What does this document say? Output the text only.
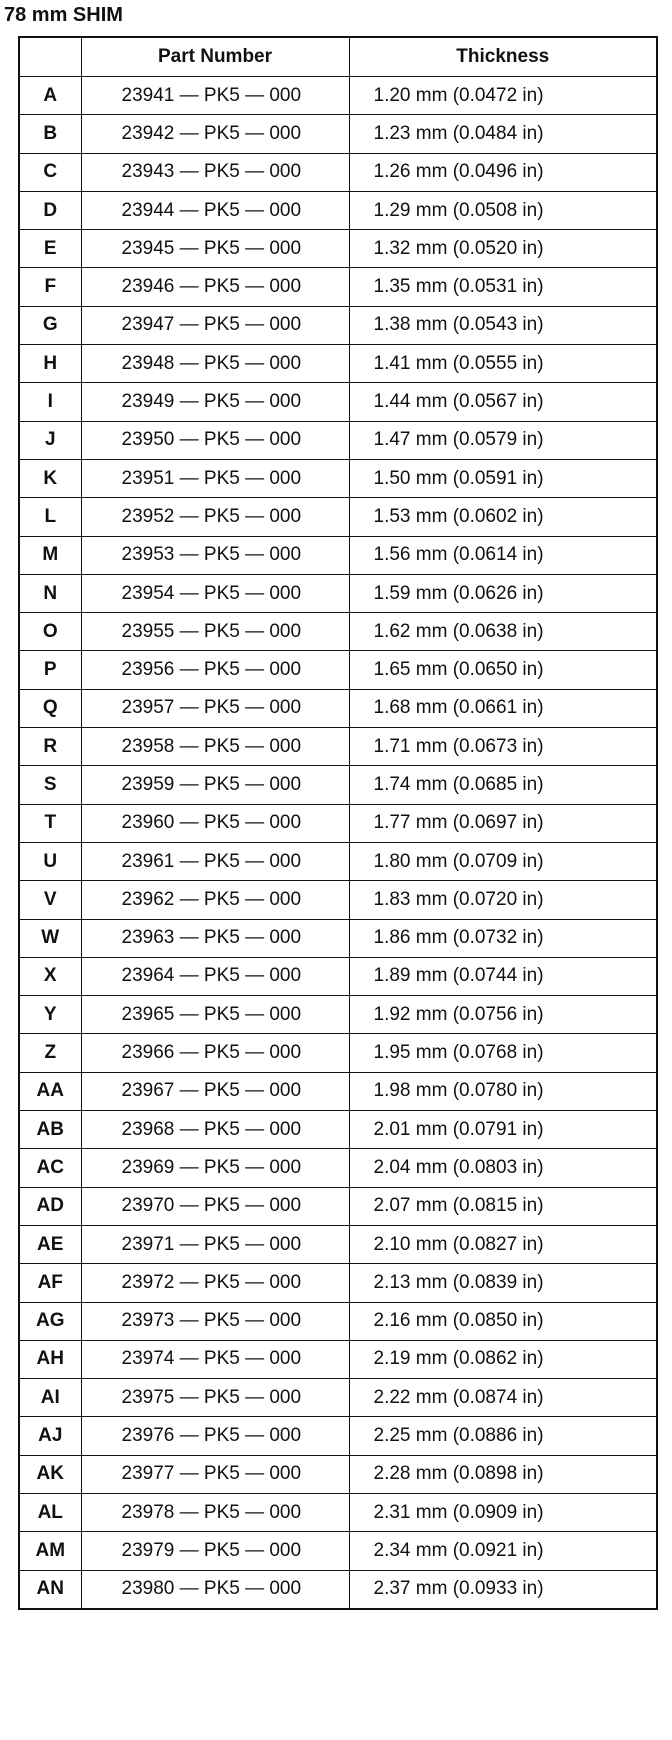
78 mm SHIM
	Part Number	Thickness
A	23941 — PK5 — 000	1.20 mm (0.0472 in)
B	23942 — PK5 — 000	1.23 mm (0.0484 in)
C	23943 — PK5 — 000	1.26 mm (0.0496 in)
D	23944 — PK5 — 000	1.29 mm (0.0508 in)
E	23945 — PK5 — 000	1.32 mm (0.0520 in)
F	23946 — PK5 — 000	1.35 mm (0.0531 in)
G	23947 — PK5 — 000	1.38 mm (0.0543 in)
H	23948 — PK5 — 000	1.41 mm (0.0555 in)
I	23949 — PK5 — 000	1.44 mm (0.0567 in)
J	23950 — PK5 — 000	1.47 mm (0.0579 in)
K	23951 — PK5 — 000	1.50 mm (0.0591 in)
L	23952 — PK5 — 000	1.53 mm (0.0602 in)
M	23953 — PK5 — 000	1.56 mm (0.0614 in)
N	23954 — PK5 — 000	1.59 mm (0.0626 in)
O	23955 — PK5 — 000	1.62 mm (0.0638 in)
P	23956 — PK5 — 000	1.65 mm (0.0650 in)
Q	23957 — PK5 — 000	1.68 mm (0.0661 in)
R	23958 — PK5 — 000	1.71 mm (0.0673 in)
S	23959 — PK5 — 000	1.74 mm (0.0685 in)
T	23960 — PK5 — 000	1.77 mm (0.0697 in)
U	23961 — PK5 — 000	1.80 mm (0.0709 in)
V	23962 — PK5 — 000	1.83 mm (0.0720 in)
W	23963 — PK5 — 000	1.86 mm (0.0732 in)
X	23964 — PK5 — 000	1.89 mm (0.0744 in)
Y	23965 — PK5 — 000	1.92 mm (0.0756 in)
Z	23966 — PK5 — 000	1.95 mm (0.0768 in)
AA	23967 — PK5 — 000	1.98 mm (0.0780 in)
AB	23968 — PK5 — 000	2.01 mm (0.0791 in)
AC	23969 — PK5 — 000	2.04 mm (0.0803 in)
AD	23970 — PK5 — 000	2.07 mm (0.0815 in)
AE	23971 — PK5 — 000	2.10 mm (0.0827 in)
AF	23972 — PK5 — 000	2.13 mm (0.0839 in)
AG	23973 — PK5 — 000	2.16 mm (0.0850 in)
AH	23974 — PK5 — 000	2.19 mm (0.0862 in)
AI	23975 — PK5 — 000	2.22 mm (0.0874 in)
AJ	23976 — PK5 — 000	2.25 mm (0.0886 in)
AK	23977 — PK5 — 000	2.28 mm (0.0898 in)
AL	23978 — PK5 — 000	2.31 mm (0.0909 in)
AM	23979 — PK5 — 000	2.34 mm (0.0921 in)
AN	23980 — PK5 — 000	2.37 mm (0.0933 in)
